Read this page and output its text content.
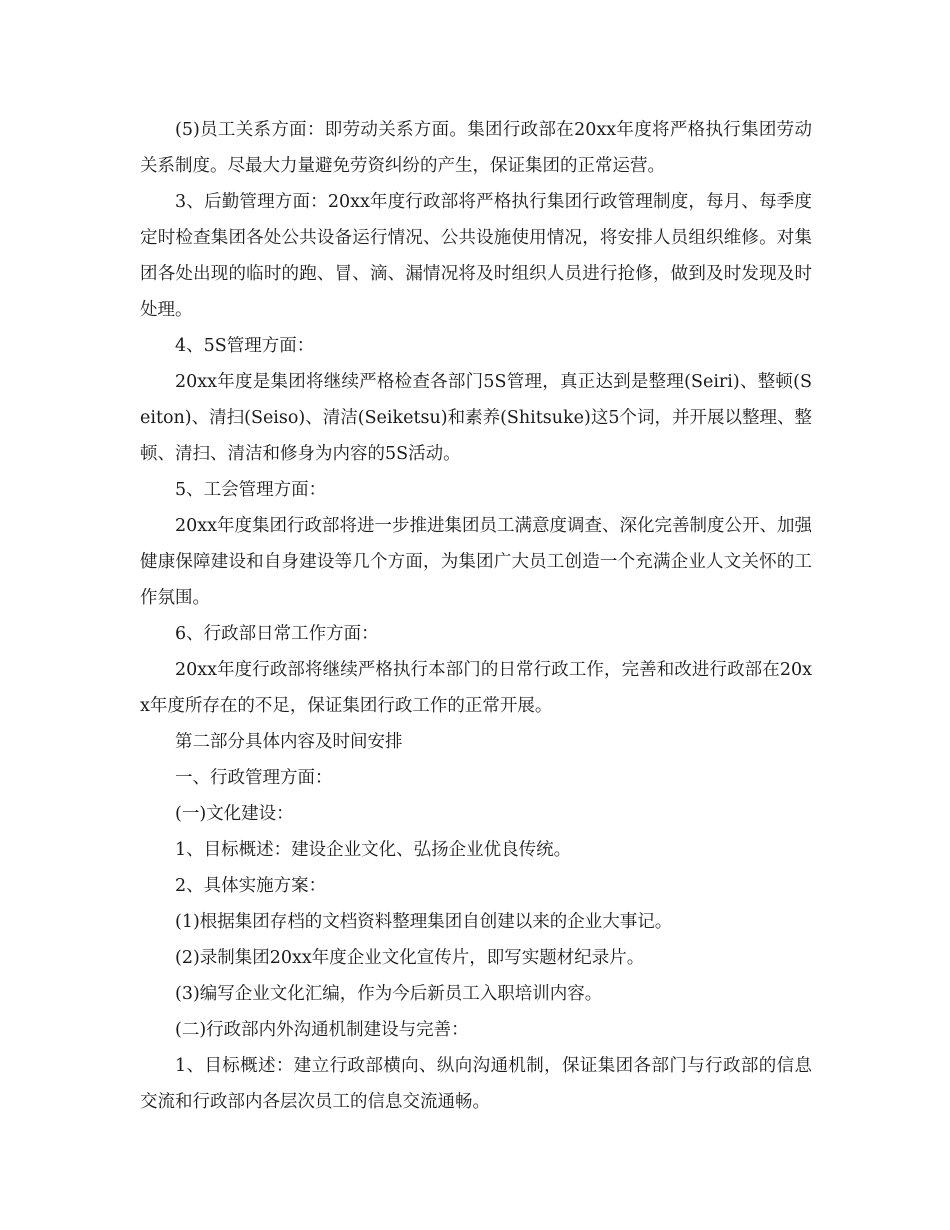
(5)员工关系方面：即劳动关系方面。集团行政部在20xx年度将严格执行集团劳动关系制度。尽最大力量避免劳资纠纷的产生，保证集团的正常运营。

3、后勤管理方面：20xx年度行政部将严格执行集团行政管理制度，每月、每季度定时检查集团各处公共设备运行情况、公共设施使用情况，将安排人员组织维修。对集团各处出现的临时的跑、冒、滴、漏情况将及时组织人员进行抢修，做到及时发现及时处理。

4、5S管理方面：

20xx年度是集团将继续严格检查各部门5S管理，真正达到是整理(Seiri)、整顿(Seiton)、清扫(Seiso)、清洁(Seiketsu)和素养(Shitsuke)这5个词，并开展以整理、整顿、清扫、清洁和修身为内容的5S活动。

5、工会管理方面：

20xx年度集团行政部将进一步推进集团员工满意度调查、深化完善制度公开、加强健康保障建设和自身建设等几个方面，为集团广大员工创造一个充满企业人文关怀的工作氛围。

6、行政部日常工作方面：

20xx年度行政部将继续严格执行本部门的日常行政工作，完善和改进行政部在20xx年度所存在的不足，保证集团行政工作的正常开展。

第二部分具体内容及时间安排

一、行政管理方面：

(一)文化建设：

1、目标概述：建设企业文化、弘扬企业优良传统。

2、具体实施方案：

(1)根据集团存档的文档资料整理集团自创建以来的企业大事记。

(2)录制集团20xx年度企业文化宣传片，即写实题材纪录片。

(3)编写企业文化汇编，作为今后新员工入职培训内容。

(二)行政部内外沟通机制建设与完善：

1、目标概述：建立行政部横向、纵向沟通机制，保证集团各部门与行政部的信息交流和行政部内各层次员工的信息交流通畅。
